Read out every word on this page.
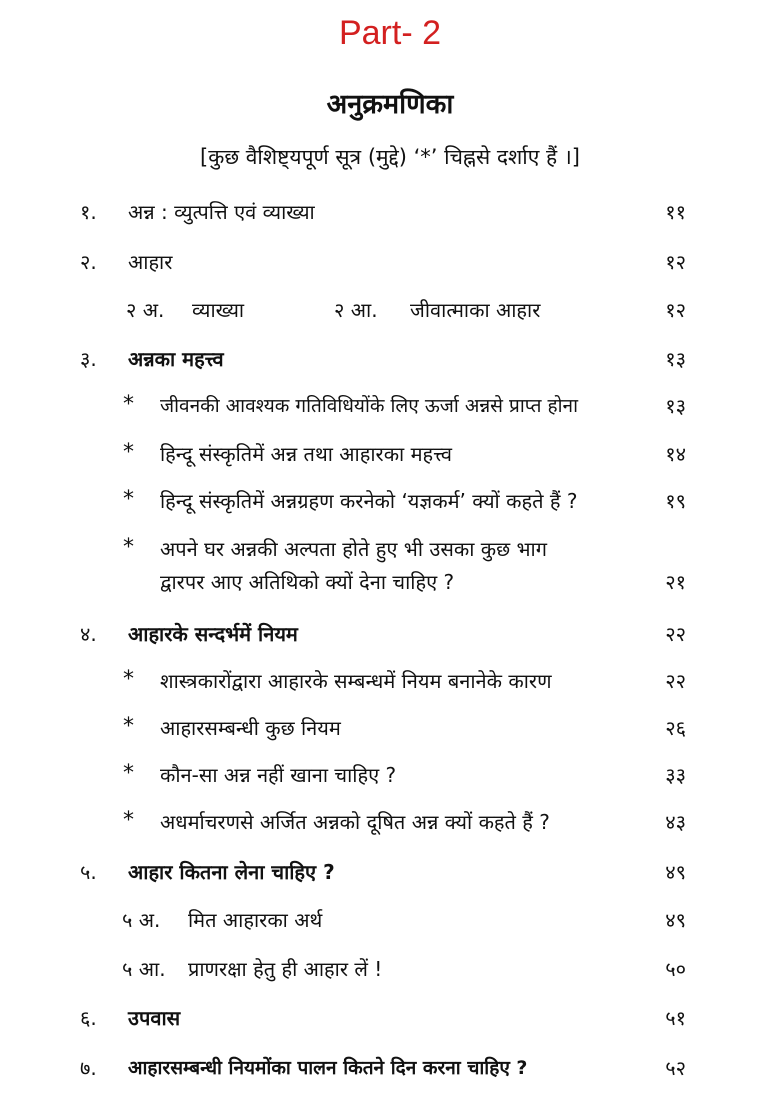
Part- 2
अनुक्रमणिका
[कुछ वैशिष्ट्यपूर्ण सूत्र (मुद्दे) ‘*’ चिह्नसे दर्शाए हैं ।]
१. अन्न : व्युत्पत्ति एवं व्याख्या	११
२. आहार	१२
२ अ. व्याख्या	२ आ. जीवात्माका आहार	१२
३. अन्नका महत्त्व	१३
* जीवनकी आवश्यक गतिविधियोंके लिए ऊर्जा अन्नसे प्राप्त होना	१३
* हिन्दू संस्कृतिमें अन्न तथा आहारका महत्त्व	१४
* हिन्दू संस्कृतिमें अन्नग्रहण करनेको ‘यज्ञकर्म’ क्यों कहते हैं ?	१९
* अपने घर अन्नकी अल्पता होते हुए भी उसका कुछ भाग
द्वारपर आए अतिथिको क्यों देना चाहिए ?	२१
४. आहारके सन्दर्भमें नियम	२२
* शास्त्रकारोंद्वारा आहारके सम्बन्धमें नियम बनानेके कारण	२२
* आहारसम्बन्धी कुछ नियम	२६
* कौन-सा अन्न नहीं खाना चाहिए ?	३३
* अधर्माचरणसे अर्जित अन्नको दूषित अन्न क्यों कहते हैं ?	४३
५. आहार कितना लेना चाहिए ?	४९
५ अ. मित आहारका अर्थ	४९
५ आ. प्राणरक्षा हेतु ही आहार लें !	५०
६. उपवास	५१
७. आहारसम्बन्धी नियमोंका पालन कितने दिन करना चाहिए ?	५२
